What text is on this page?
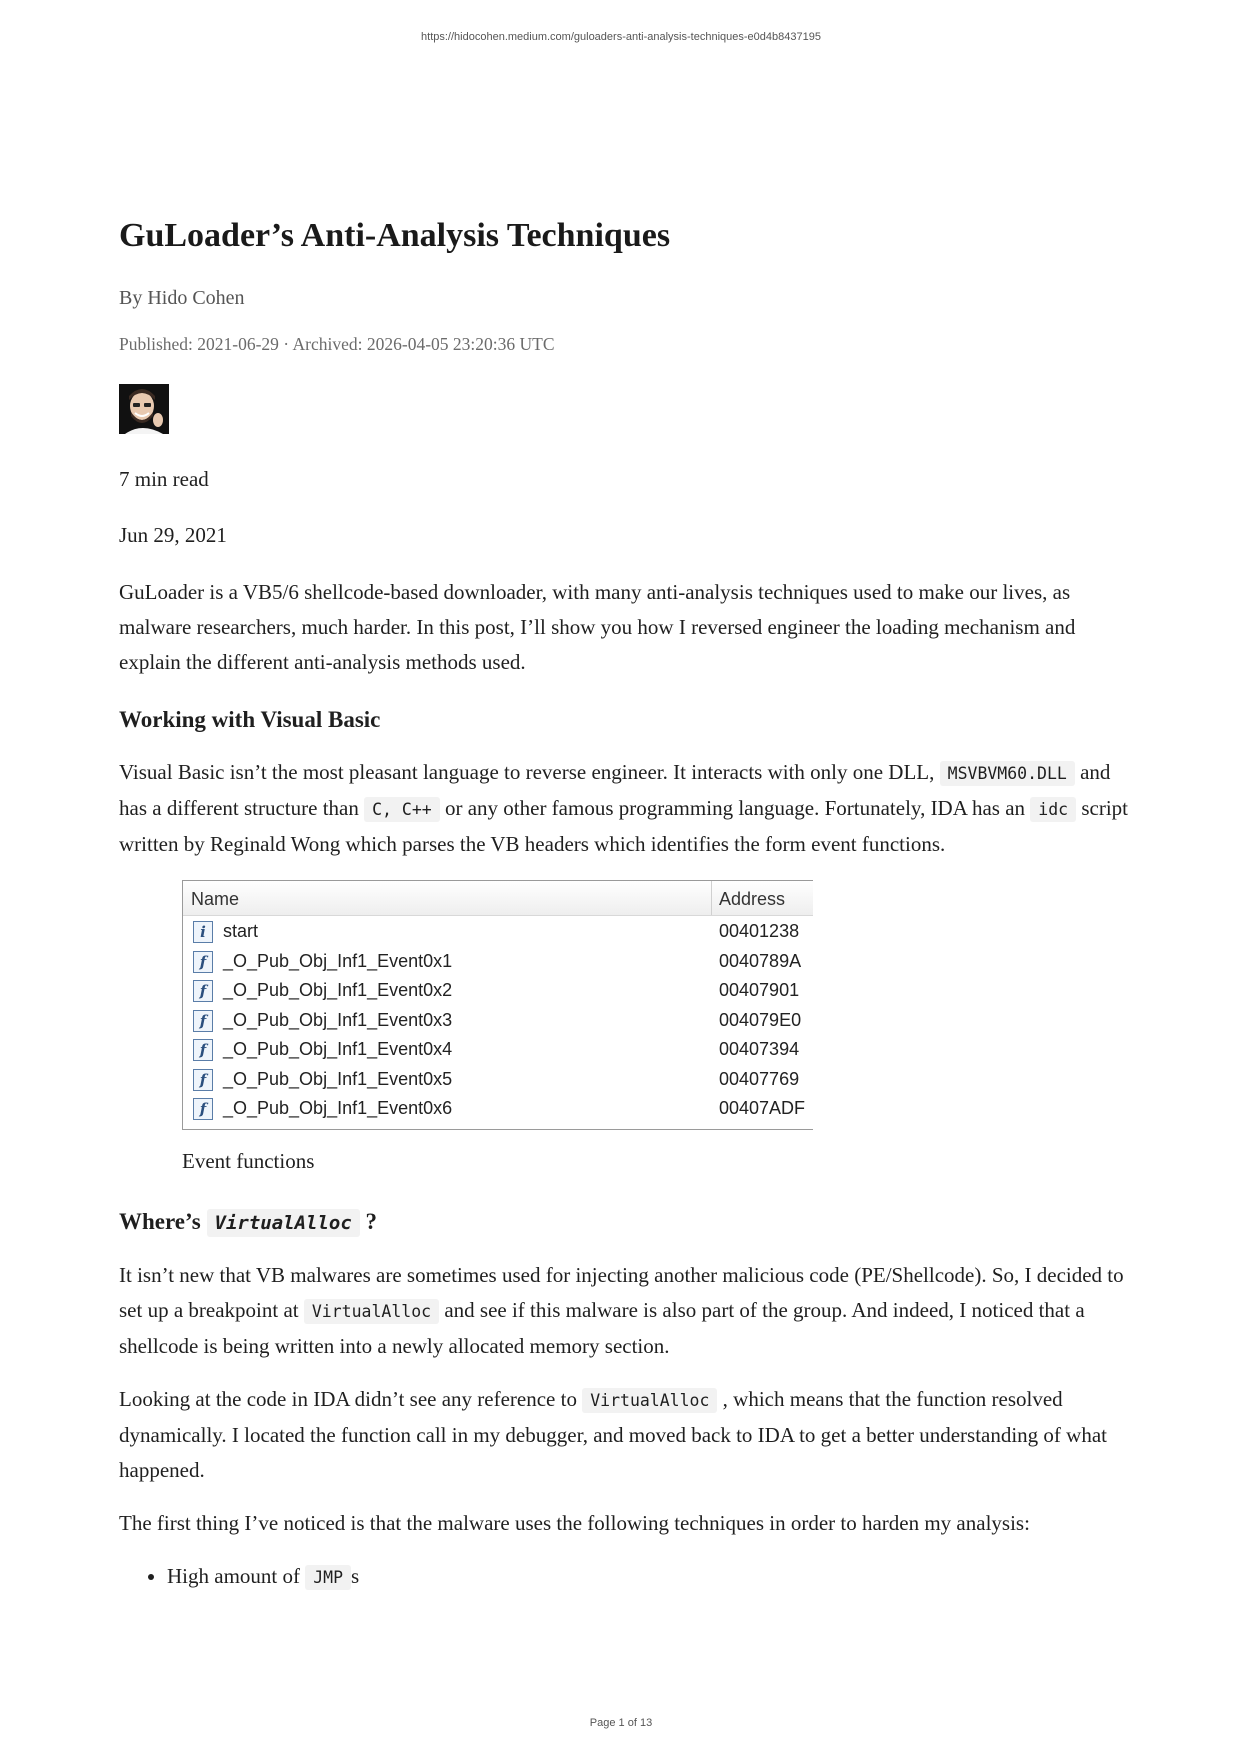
https://hidocohen.medium.com/guloaders-anti-analysis-techniques-e0d4b8437195
GuLoader’s Anti-Analysis Techniques
By Hido Cohen
Published: 2021-06-29 · Archived: 2026-04-05 23:20:36 UTC

7 min read

Jun 29, 2021

GuLoader is a VB5/6 shellcode-based downloader, with many anti-analysis techniques used to make our lives, as malware researchers, much harder. In this post, I’ll show you how I reversed engineer the loading mechanism and explain the different anti-analysis methods used.

Working with Visual Basic

Visual Basic isn’t the most pleasant language to reverse engineer. It interacts with only one DLL, MSVBVM60.DLL and has a different structure than C, C++ or any other famous programming language. Fortunately, IDA has an idc script written by Reginald Wong which parses the VB headers which identifies the form event functions.

Name	Address
i start	00401238
f _O_Pub_Obj_Inf1_Event0x1	0040789A
f _O_Pub_Obj_Inf1_Event0x2	00407901
f _O_Pub_Obj_Inf1_Event0x3	004079E0
f _O_Pub_Obj_Inf1_Event0x4	00407394
f _O_Pub_Obj_Inf1_Event0x5	00407769
f _O_Pub_Obj_Inf1_Event0x6	00407ADF
Event functions
Where’s VirtualAlloc ?

It isn’t new that VB malwares are sometimes used for injecting another malicious code (PE/Shellcode). So, I decided to set up a breakpoint at VirtualAlloc and see if this malware is also part of the group. And indeed, I noticed that a shellcode is being written into a newly allocated memory section.

Looking at the code in IDA didn’t see any reference to VirtualAlloc , which means that the function resolved dynamically. I located the function call in my debugger, and moved back to IDA to get a better understanding of what happened.

The first thing I’ve noticed is that the malware uses the following techniques in order to harden my analysis:

• High amount of JMP s
Page 1 of 13
